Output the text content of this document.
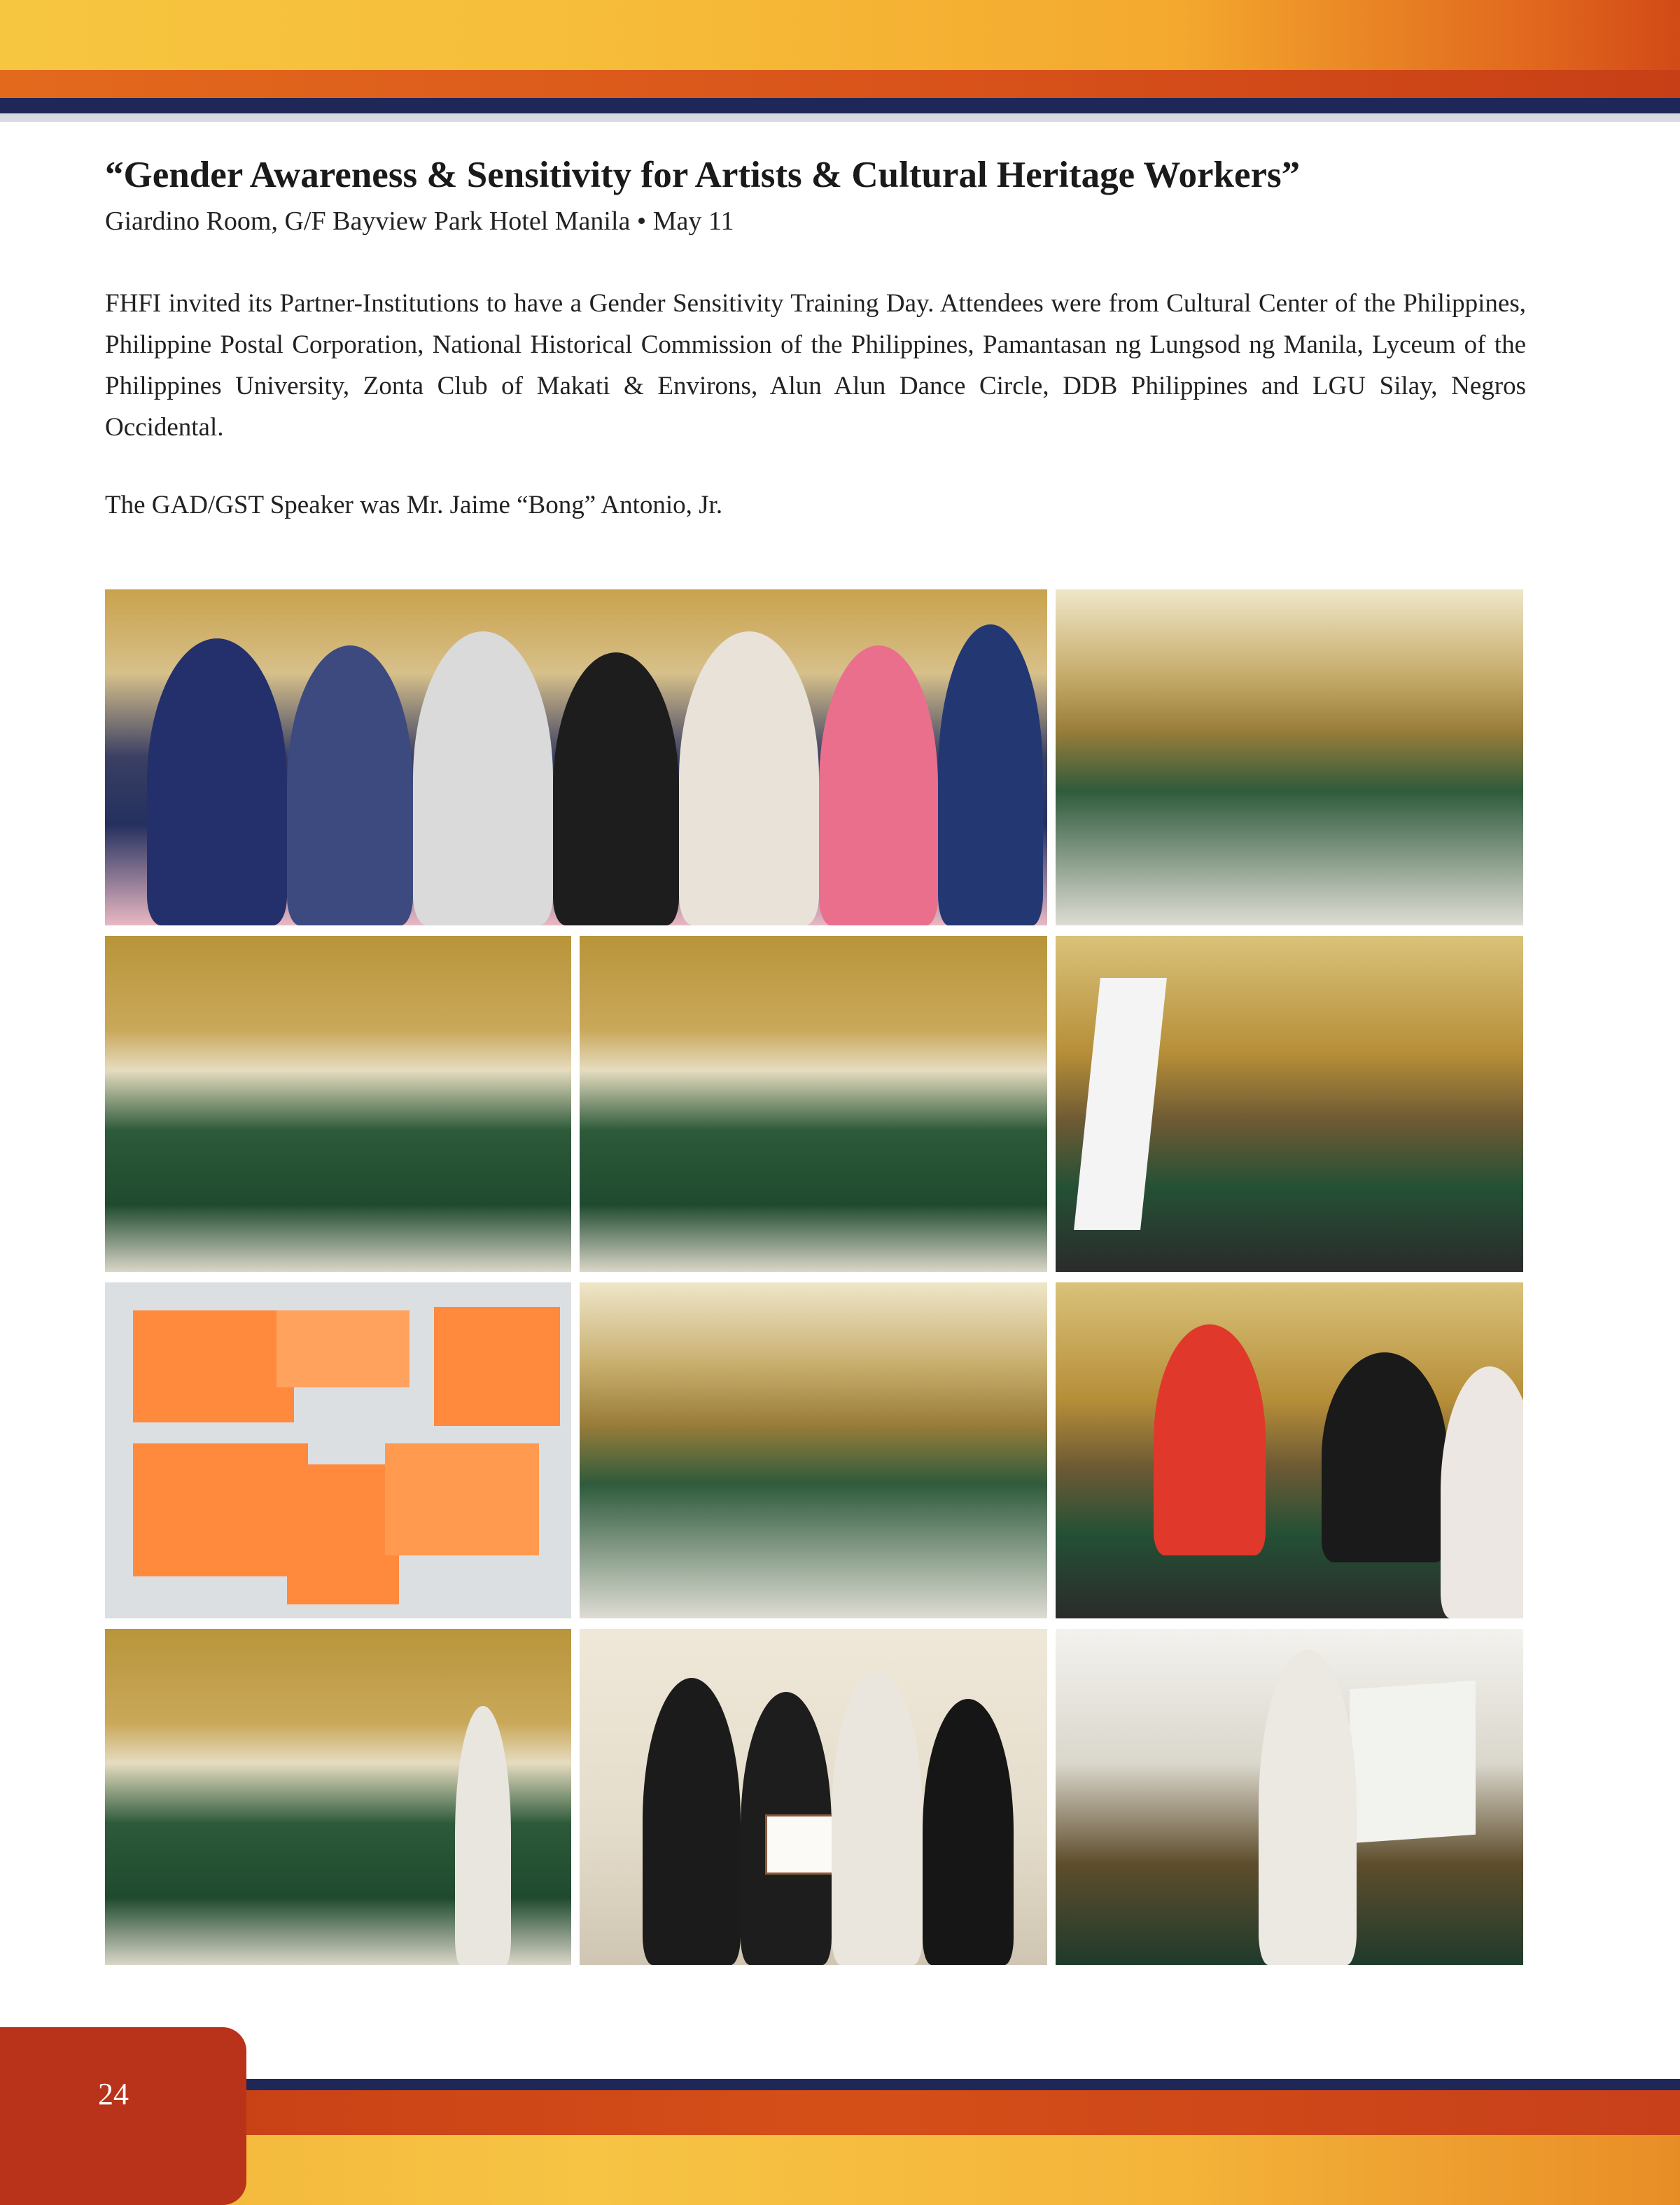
“Gender Awareness & Sensitivity for Artists & Cultural Heritage Workers”
Giardino Room, G/F Bayview Park Hotel Manila • May 11
FHFI invited its Partner-Institutions to have a Gender Sensitivity Training Day. Attendees were from Cultural Center of the Philippines, Philippine Postal Corporation, National Historical Commission of the Philippines, Pamantasan ng Lungsod ng Manila, Lyceum of the Philippines University, Zonta Club of Makati & Environs, Alun Alun Dance Circle, DDB Philippines and LGU Silay, Negros Occidental.
The GAD/GST Speaker was Mr. Jaime “Bong” Antonio, Jr.
24
